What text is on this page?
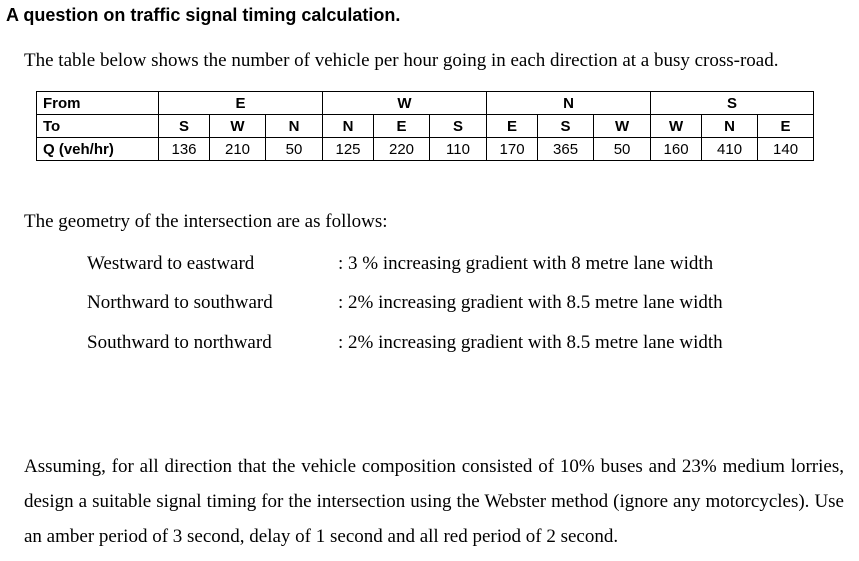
A question on traffic signal timing calculation.
The table below shows the number of vehicle per hour going in each direction at a busy cross-road.
From	E			W			N			S		
To	S	W	N	N	E	S	E	S	W	W	N	E
Q (veh/hr)	136	210	50	125	220	110	170	365	50	160	410	140
The geometry of the intersection are as follows:
Westward to eastward	: 3 % increasing gradient with 8 metre lane width
Northward to southward	: 2% increasing gradient with 8.5 metre lane width
Southward to northward	: 2% increasing gradient with 8.5 metre lane width

Assuming, for all direction that the vehicle composition consisted of 10% buses and 23% medium lorries, design a suitable signal timing for the intersection using the Webster method (ignore any motorcycles). Use an amber period of 3 second, delay of 1 second and all red period of 2 second.
